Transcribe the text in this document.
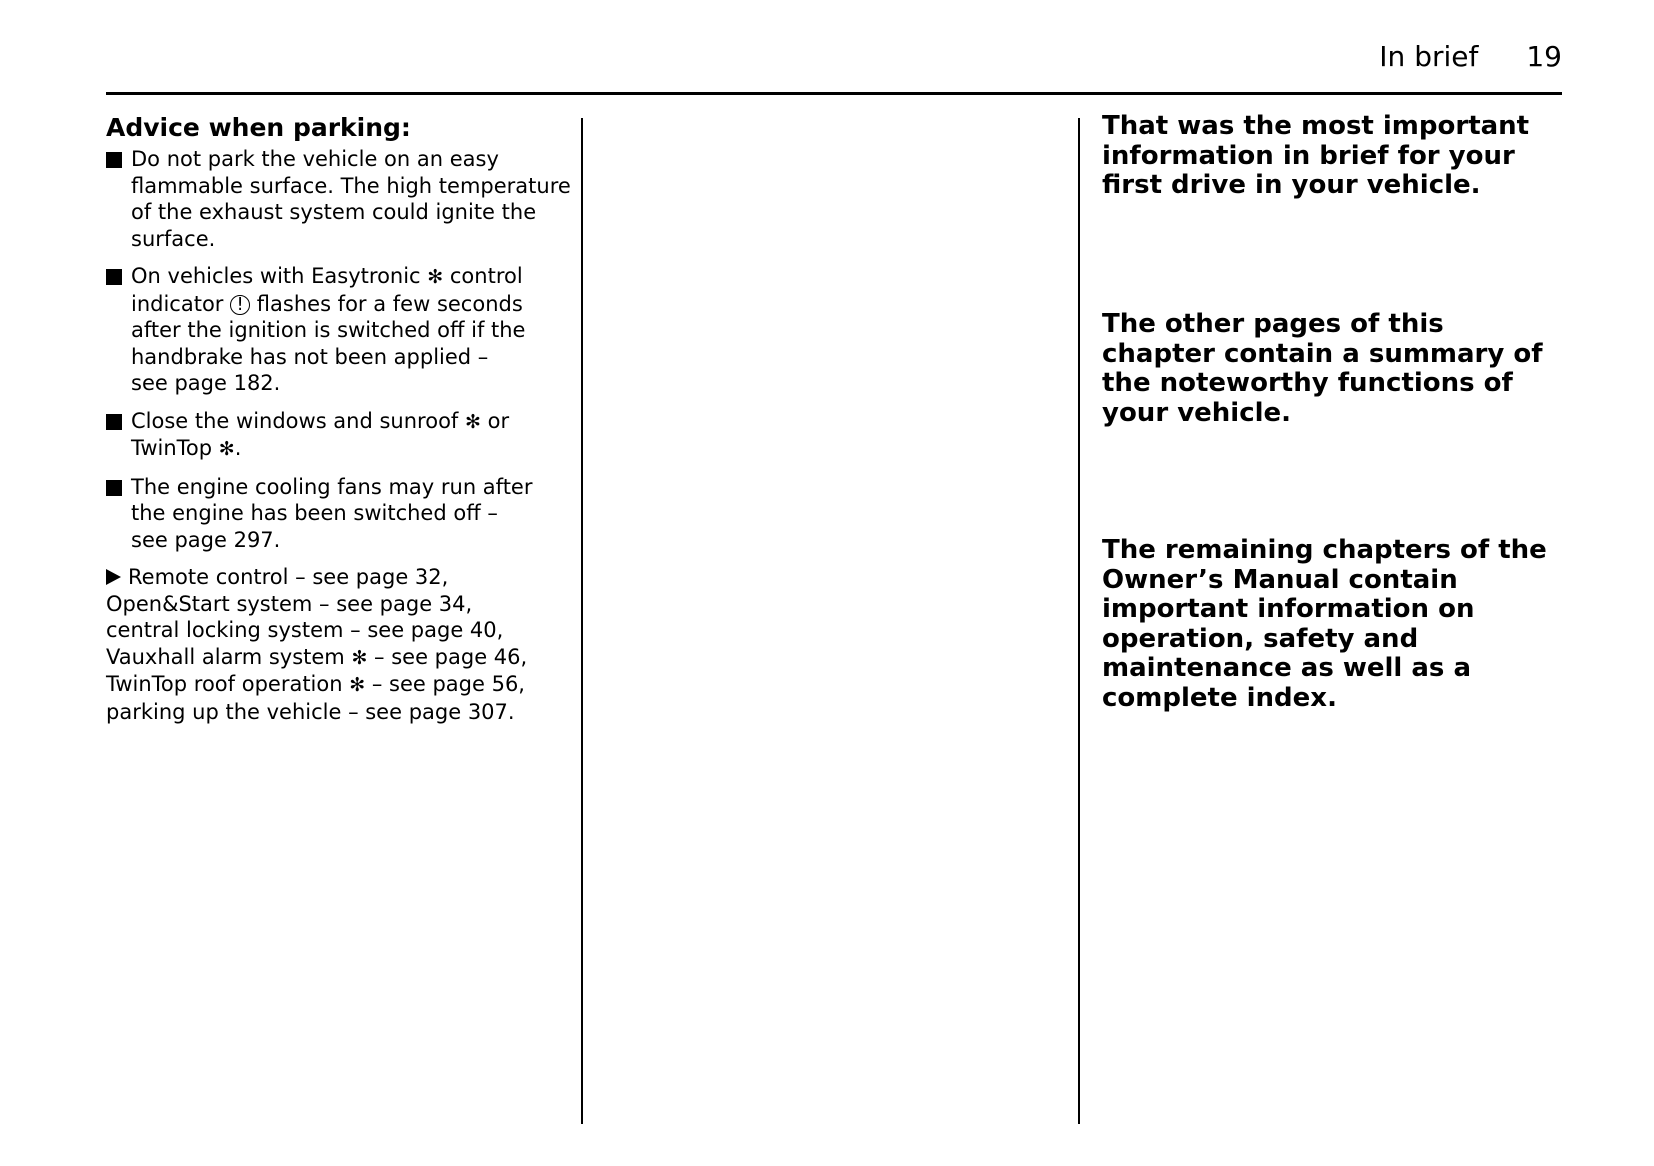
In brief 19
Advice when parking:
Do not park the vehicle on an easy
flammable surface. The high temperature
of the exhaust system could ignite the
surface.
On vehicles with Easytronic ✻ control
indicator ! flashes for a few seconds
after the ignition is switched off if the
handbrake has not been applied –
see page 182.
Close the windows and sunroof ✻ or
TwinTop ✻.
The engine cooling fans may run after
the engine has been switched off –
see page 297.
Remote control – see page 32,
Open&Start system – see page 34,
central locking system – see page 40,
Vauxhall alarm system ✻ – see page 46,
TwinTop roof operation ✻ – see page 56,
parking up the vehicle – see page 307.

That was the most important information in brief for your first drive in your vehicle.

The other pages of this chapter contain a summary of the noteworthy functions of your vehicle.

The remaining chapters of the Owner’s Manual contain important information on operation, safety and maintenance as well as a complete index.
